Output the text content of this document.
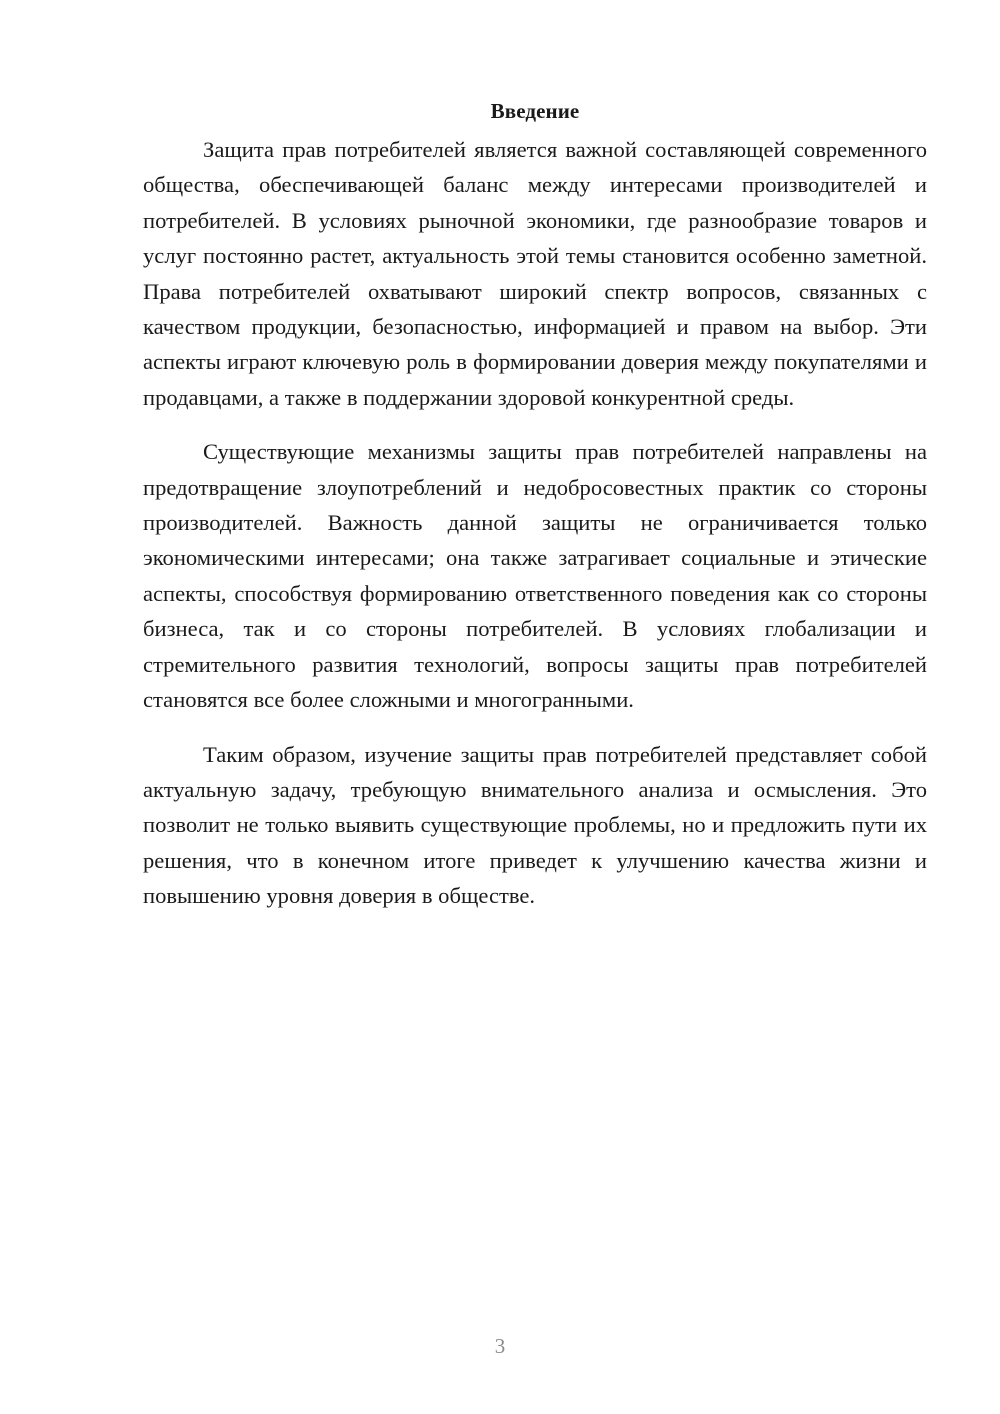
Введение

Защита прав потребителей является важной составляющей современного общества, обеспечивающей баланс между интересами производителей и потребителей. В условиях рыночной экономики, где разнообразие товаров и услуг постоянно растет, актуальность этой темы становится особенно заметной. Права потребителей охватывают широкий спектр вопросов, связанных с качеством продукции, безопасностью, информацией и правом на выбор. Эти аспекты играют ключевую роль в формировании доверия между покупателями и продавцами, а также в поддержании здоровой конкурентной среды.

Существующие механизмы защиты прав потребителей направлены на предотвращение злоупотреблений и недобросовестных практик со стороны производителей. Важность данной защиты не ограничивается только экономическими интересами; она также затрагивает социальные и этические аспекты, способствуя формированию ответственного поведения как со стороны бизнеса, так и со стороны потребителей. В условиях глобализации и стремительного развития технологий, вопросы защиты прав потребителей становятся все более сложными и многогранными.

Таким образом, изучение защиты прав потребителей представляет собой актуальную задачу, требующую внимательного анализа и осмысления. Это позволит не только выявить существующие проблемы, но и предложить пути их решения, что в конечном итоге приведет к улучшению качества жизни и повышению уровня доверия в обществе.

3
